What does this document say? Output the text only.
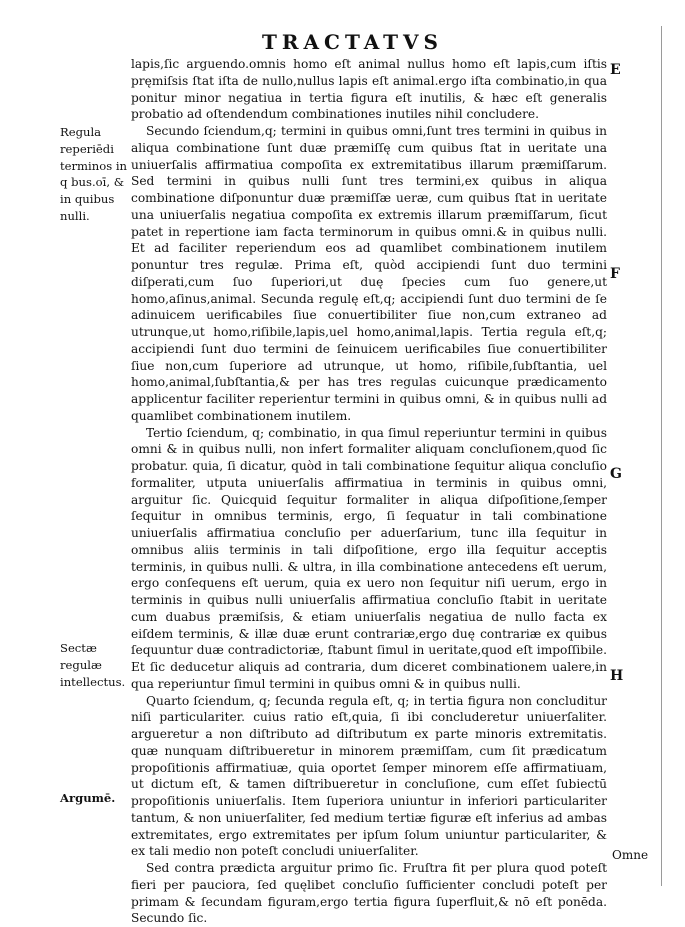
TRACTATVS

lapis,ſic arguendo.omnis homo eſt animal nullus homo eſt lapis,cum iſtis pręmiſsis ſtat iſta de nullo,nullus lapis eſt animal.ergo iſta combinatio,in qua ponitur minor negatiua in tertia figura eſt inutilis, & hæc eſt generalis probatio ad oſtendendum combinationes inutiles nihil concludere.

Secundo ſciendum,q; termini in quibus omni,ſunt tres termini in quibus in aliqua combinatione ſunt duæ præmiſſę cum quibus ſtat in ueritate una uniuerſalis affirmatiua compoſita ex extremitatibus illarum præmiſſarum. Sed termini in quibus nulli ſunt tres termini,ex quibus in aliqua combinatione diſponuntur duæ præmiſſæ ueræ, cum quibus ſtat in ueritate una uniuerſalis negatiua compoſita ex extremis illarum præmiſſarum, ſicut patet in repertione iam facta terminorum in quibus omni.& in quibus nulli. Et ad faciliter reperiendum eos ad quamlibet combinationem inutilem ponuntur tres regulæ. Prima eſt, quòd accipiendi ſunt duo termini diſperati,cum ſuo ſuperiori,ut duę ſpecies cum ſuo genere,ut homo,aſinus,animal. Secunda regulę eſt,q; accipiendi ſunt duo termini de ſe adinuicem uerificabiles ſiue conuertibiliter ſiue non,cum extraneo ad utrunque,ut homo,riſibile,lapis,uel homo,animal,lapis. Tertia regula eſt,q; accipiendi ſunt duo termini de ſeinuicem uerificabiles ſiue conuertibiliter ſiue non,cum ſuperiore ad utrunque, ut homo, riſibile,ſubſtantia, uel homo,animal,ſubſtantia,& per has tres regulas cuicunque prædicamento applicentur faciliter reperientur termini in quibus omni, & in quibus nulli ad quamlibet combinationem inutilem.

Tertio ſciendum, q; combinatio, in qua ſimul reperiuntur termini in quibus omni & in quibus nulli, non infert formaliter aliquam concluſionem,quod ſic probatur. quia, ſi dicatur, quòd in tali combinatione ſequitur aliqua concluſio formaliter, utputa uniuerſalis affirmatiua in terminis in quibus omni, arguitur ſic. Quicquid ſequitur formaliter in aliqua diſpoſitione,ſemper ſequitur in omnibus terminis, ergo, ſi ſequatur in tali combinatione uniuerſalis affirmatiua concluſio per aduerſarium, tunc illa ſequitur in omnibus aliis terminis in tali diſpoſitione, ergo illa ſequitur acceptis terminis, in quibus nulli. & ultra, in illa combinatione antecedens eſt uerum, ergo conſequens eſt uerum, quia ex uero non ſequitur niſi uerum, ergo in terminis in quibus nulli uniuerſalis affirmatiua concluſio ſtabit in ueritate cum duabus præmiſsis, & etiam uniuerſalis negatiua de nullo facta ex eiſdem terminis, & illæ duæ erunt contrariæ,ergo duę contrariæ ex quibus ſequuntur duæ contradictoriæ, ſtabunt ſimul in ueritate,quod eſt impoſſibile. Et ſic deducetur aliquis ad contraria, dum diceret combinationem ualere,in qua reperiuntur ſimul termini in quibus omni & in quibus nulli.

Quarto ſciendum, q; ſecunda regula eſt, q; in tertia figura non concluditur niſi particulariter. cuius ratio eſt,quia, ſi ibi concluderetur uniuerſaliter. argueretur a non diſtributo ad diſtributum ex parte minoris extremitatis. quæ nunquam diſtribueretur in minorem præmiſſam, cum ſit prædicatum propoſitionis affirmatiuæ, quia oportet ſemper minorem eſſe affirmatiuam, ut dictum eſt, & tamen diſtribueretur in concluſione, cum eſſet ſubiectū propoſitionis uniuerſalis. Item ſuperiora uniuntur in inferiori particulariter tantum, & non uniuerſaliter, ſed medium tertiæ figuræ eſt inferius ad ambas extremitates, ergo extremitates per ipſum ſolum uniuntur particulariter, & ex tali medio non poteſt concludi uniuerſaliter.

Sed contra prædicta arguitur primo ſic. Fruſtra fit per plura quod poteſt fieri per pauciora, ſed quęlibet concluſio ſufficienter concludi poteſt per primam & ſecundam figuram,ergo tertia figura ſuperfluit,& nō eſt ponēda. Secundo ſic.

Regula reperiēdi terminos in q bus.oī, & in quibus nulli.
Sectæ regulæ intellectus.
Argumē.
E
F
G
H
Omne
